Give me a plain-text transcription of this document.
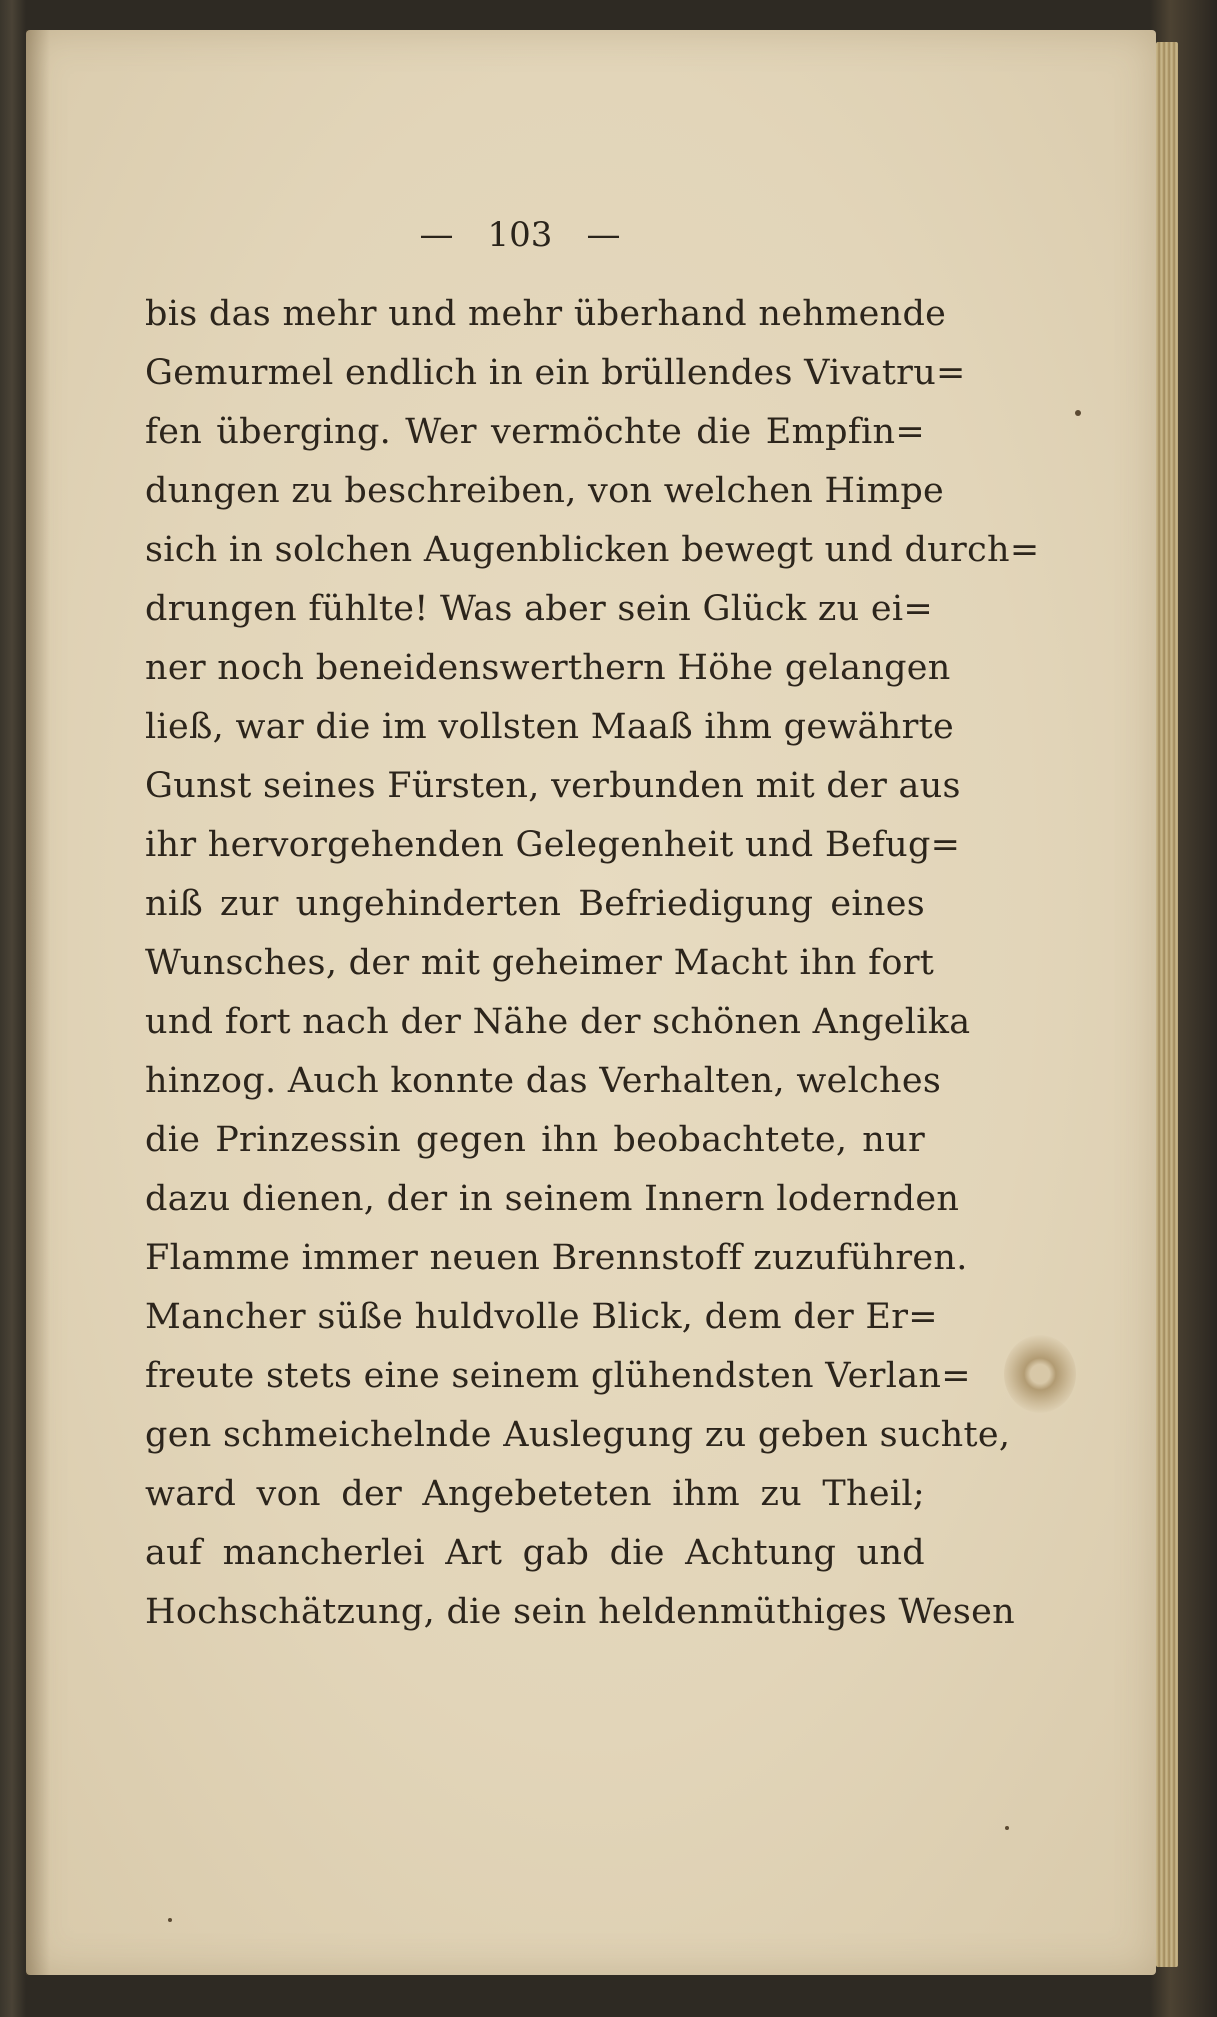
— 103 —
bis das mehr und mehr überhand nehmende
Gemurmel endlich in ein brüllendes Vivatru=
fen überging. Wer vermöchte die Empfin=
dungen zu beschreiben, von welchen Himpe
sich in solchen Augenblicken bewegt und durch=
drungen fühlte! Was aber sein Glück zu ei=
ner noch beneidenswerthern Höhe gelangen
ließ, war die im vollsten Maaß ihm gewährte
Gunst seines Fürsten, verbunden mit der aus
ihr hervorgehenden Gelegenheit und Befug=
niß zur ungehinderten Befriedigung eines
Wunsches, der mit geheimer Macht ihn fort
und fort nach der Nähe der schönen Angelika
hinzog. Auch konnte das Verhalten, welches
die Prinzessin gegen ihn beobachtete, nur
dazu dienen, der in seinem Innern lodernden
Flamme immer neuen Brennstoff zuzuführen.
Mancher süße huldvolle Blick, dem der Er=
freute stets eine seinem glühendsten Verlan=
gen schmeichelnde Auslegung zu geben suchte,
ward von der Angebeteten ihm zu Theil;
auf mancherlei Art gab die Achtung und
Hochschätzung, die sein heldenmüthiges Wesen
